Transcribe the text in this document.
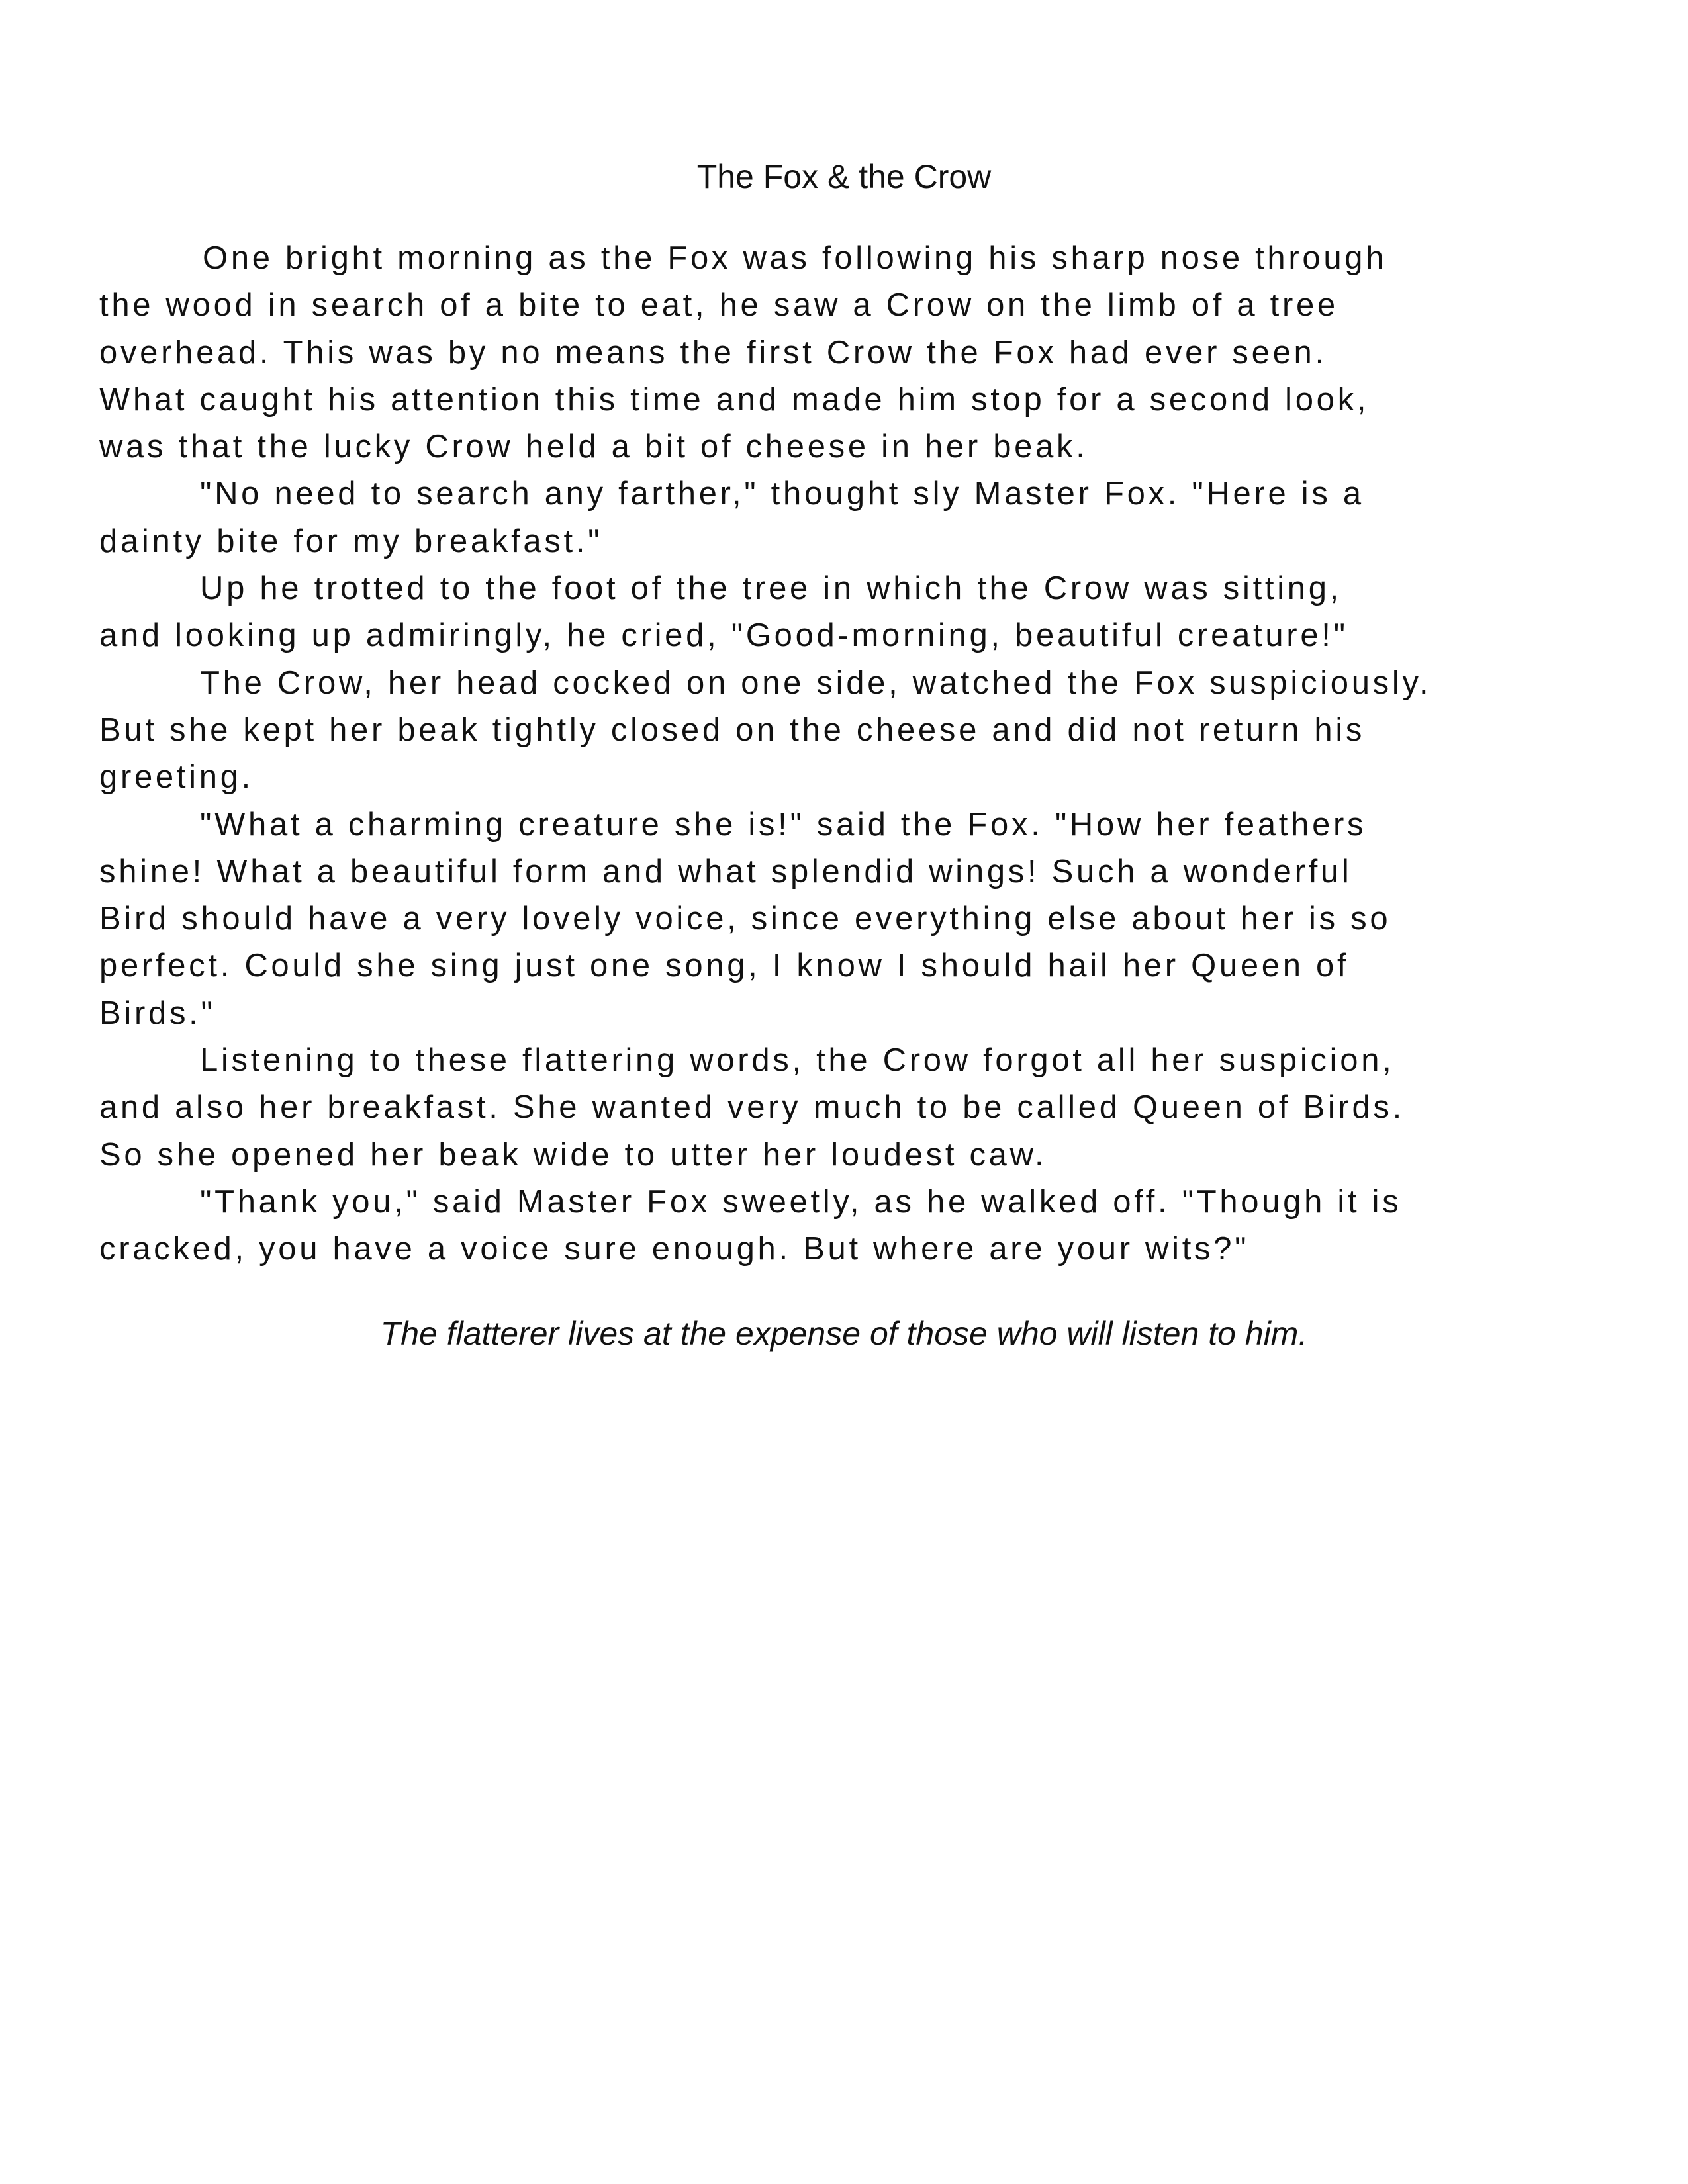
The Fox & the Crow
One bright morning as the Fox was following his sharp nose through
the wood in search of a bite to eat, he saw a Crow on the limb of a tree
overhead. This was by no means the first Crow the Fox had ever seen.
What caught his attention this time and made him stop for a second look,
was that the lucky Crow held a bit of cheese in her beak.
"No need to search any farther," thought sly Master Fox. "Here is a
dainty bite for my breakfast."
Up he trotted to the foot of the tree in which the Crow was sitting,
and looking up admiringly, he cried, "Good-morning, beautiful creature!"
The Crow, her head cocked on one side, watched the Fox suspiciously.
But she kept her beak tightly closed on the cheese and did not return his
greeting.
"What a charming creature she is!" said the Fox. "How her feathers
shine! What a beautiful form and what splendid wings! Such a wonderful
Bird should have a very lovely voice, since everything else about her is so
perfect. Could she sing just one song, I know I should hail her Queen of
Birds."
Listening to these flattering words, the Crow forgot all her suspicion,
and also her breakfast. She wanted very much to be called Queen of Birds.
So she opened her beak wide to utter her loudest caw.
"Thank you," said Master Fox sweetly, as he walked off. "Though it is
cracked, you have a voice sure enough. But where are your wits?"
The flatterer lives at the expense of those who will listen to him.
